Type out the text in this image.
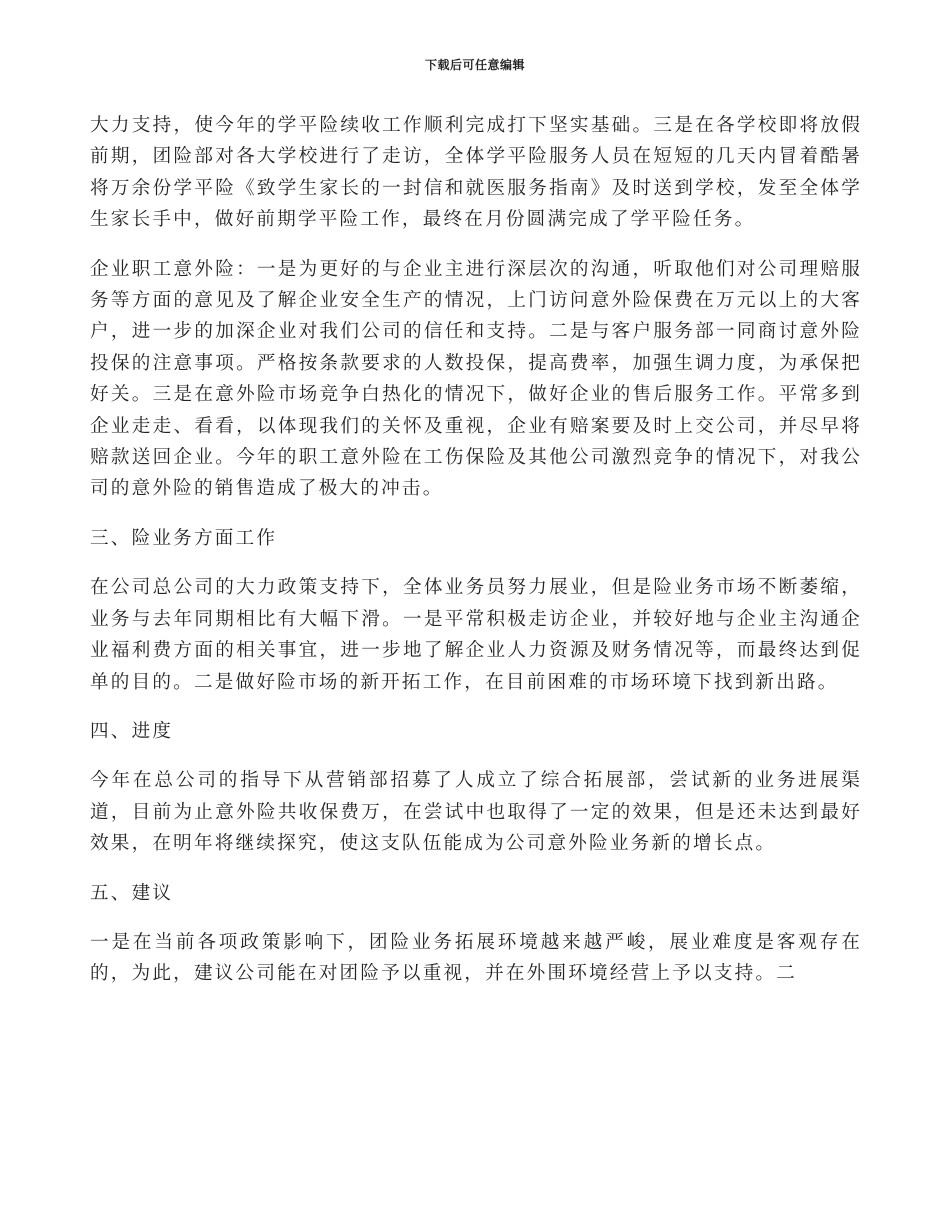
下载后可任意编辑

大力支持，使今年的学平险续收工作顺利完成打下坚实基础。三是在各学校即将放假前期，团险部对各大学校进行了走访，全体学平险服务人员在短短的几天内冒着酷暑将万余份学平险《致学生家长的一封信和就医服务指南》及时送到学校，发至全体学生家长手中，做好前期学平险工作，最终在月份圆满完成了学平险任务。

企业职工意外险：一是为更好的与企业主进行深层次的沟通，听取他们对公司理赔服务等方面的意见及了解企业安全生产的情况，上门访问意外险保费在万元以上的大客户，进一步的加深企业对我们公司的信任和支持。二是与客户服务部一同商讨意外险投保的注意事项。严格按条款要求的人数投保，提高费率，加强生调力度，为承保把好关。三是在意外险市场竞争白热化的情况下，做好企业的售后服务工作。平常多到企业走走、看看，以体现我们的关怀及重视，企业有赔案要及时上交公司，并尽早将赔款送回企业。今年的职工意外险在工伤保险及其他公司激烈竞争的情况下，对我公司的意外险的销售造成了极大的冲击。

三、险业务方面工作

在公司总公司的大力政策支持下，全体业务员努力展业，但是险业务市场不断萎缩，业务与去年同期相比有大幅下滑。一是平常积极走访企业，并较好地与企业主沟通企业福利费方面的相关事宜，进一步地了解企业人力资源及财务情况等，而最终达到促单的目的。二是做好险市场的新开拓工作，在目前困难的市场环境下找到新出路。

四、进度

今年在总公司的指导下从营销部招募了人成立了综合拓展部，尝试新的业务进展渠道，目前为止意外险共收保费万，在尝试中也取得了一定的效果，但是还未达到最好效果，在明年将继续探究，使这支队伍能成为公司意外险业务新的增长点。

五、建议

一是在当前各项政策影响下，团险业务拓展环境越来越严峻，展业难度是客观存在的，为此，建议公司能在对团险予以重视，并在外围环境经营上予以支持。二
